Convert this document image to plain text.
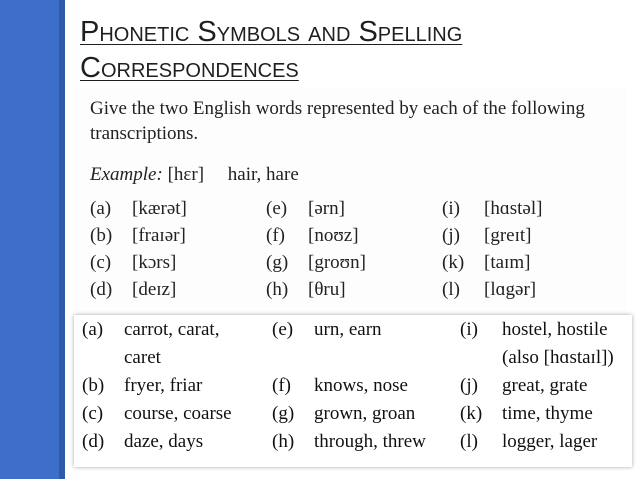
Phonetic Symbols and Spelling Correspondences
Give the two English words represented by each of the following transcriptions.
Example: [hɛr] hair, hare
(a) [kærət]
(b) [fraɪər]
(c) [kɔrs]
(d) [deɪz]
(e) [ərn]
(f) [noʊz]
(g) [groʊn]
(h) [θru]
(i) [hɑstəl]
(j) [greɪt]
(k) [taɪm]
(l) [lɑgər]
(a) carrot, carat,
caret
(b) fryer, friar
(c) course, coarse
(d) daze, days
(e) urn, earn
(f) knows, nose
(g) grown, groan
(h) through, threw
(i) hostel, hostile
(also [hɑstaɪl])
(j) great, grate
(k) time, thyme
(l) logger, lager
